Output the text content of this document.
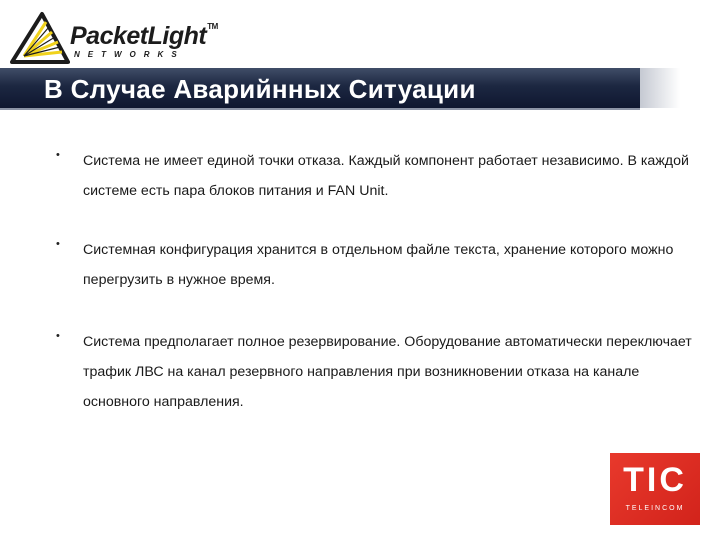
PacketLight™
NETWORKS
В Случае Аварийнных Ситуации
• Система не имеет единой точки отказа. Каждый компонент работает независимо. В каждой системе есть пара блоков питания и FAN Unit.
• Системная конфигурация хранится в отдельном файле текста, хранение которого можно перегрузить в нужное время.
• Система предполагает полное резервирование. Оборудование автоматически переключает трафик ЛВС на канал резервного направления при возникновении отказа на канале основного направления.
TIC
TELEINCOM
